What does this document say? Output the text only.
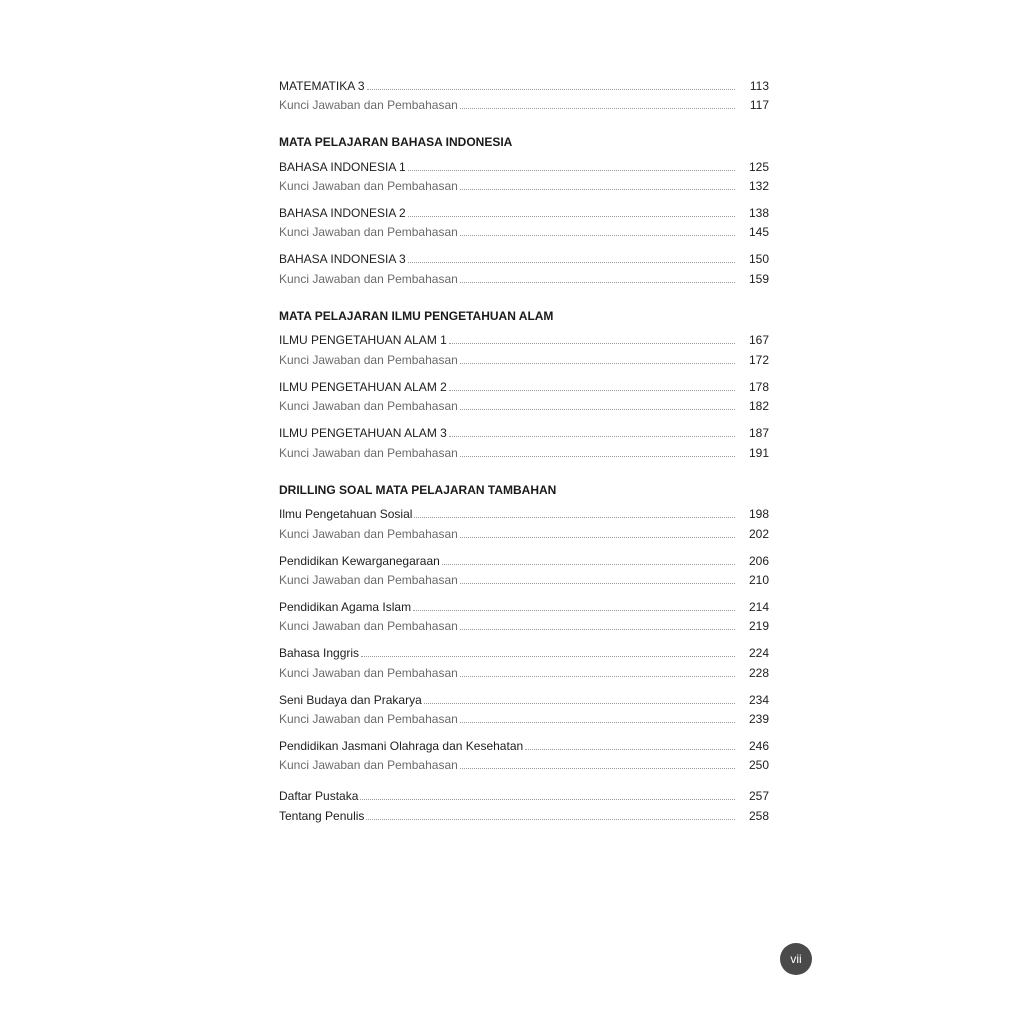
MATEMATIKA 3	113
Kunci Jawaban dan Pembahasan	117
MATA PELAJARAN BAHASA INDONESIA
BAHASA INDONESIA 1	125
Kunci Jawaban dan Pembahasan	132
BAHASA INDONESIA 2	138
Kunci Jawaban dan Pembahasan	145
BAHASA INDONESIA 3	150
Kunci Jawaban dan Pembahasan	159
MATA PELAJARAN ILMU PENGETAHUAN ALAM
ILMU PENGETAHUAN ALAM 1	167
Kunci Jawaban dan Pembahasan	172
ILMU PENGETAHUAN ALAM 2	178
Kunci Jawaban dan Pembahasan	182
ILMU PENGETAHUAN ALAM 3	187
Kunci Jawaban dan Pembahasan	191
DRILLING SOAL MATA PELAJARAN TAMBAHAN
Ilmu Pengetahuan Sosial	198
Kunci Jawaban dan Pembahasan	202
Pendidikan Kewarganegaraan	206
Kunci Jawaban dan Pembahasan	210
Pendidikan Agama Islam	214
Kunci Jawaban dan Pembahasan	219
Bahasa Inggris	224
Kunci Jawaban dan Pembahasan	228
Seni Budaya dan Prakarya	234
Kunci Jawaban dan Pembahasan	239
Pendidikan Jasmani Olahraga dan Kesehatan	246
Kunci Jawaban dan Pembahasan	250
Daftar Pustaka	257
Tentang Penulis	258
vii
